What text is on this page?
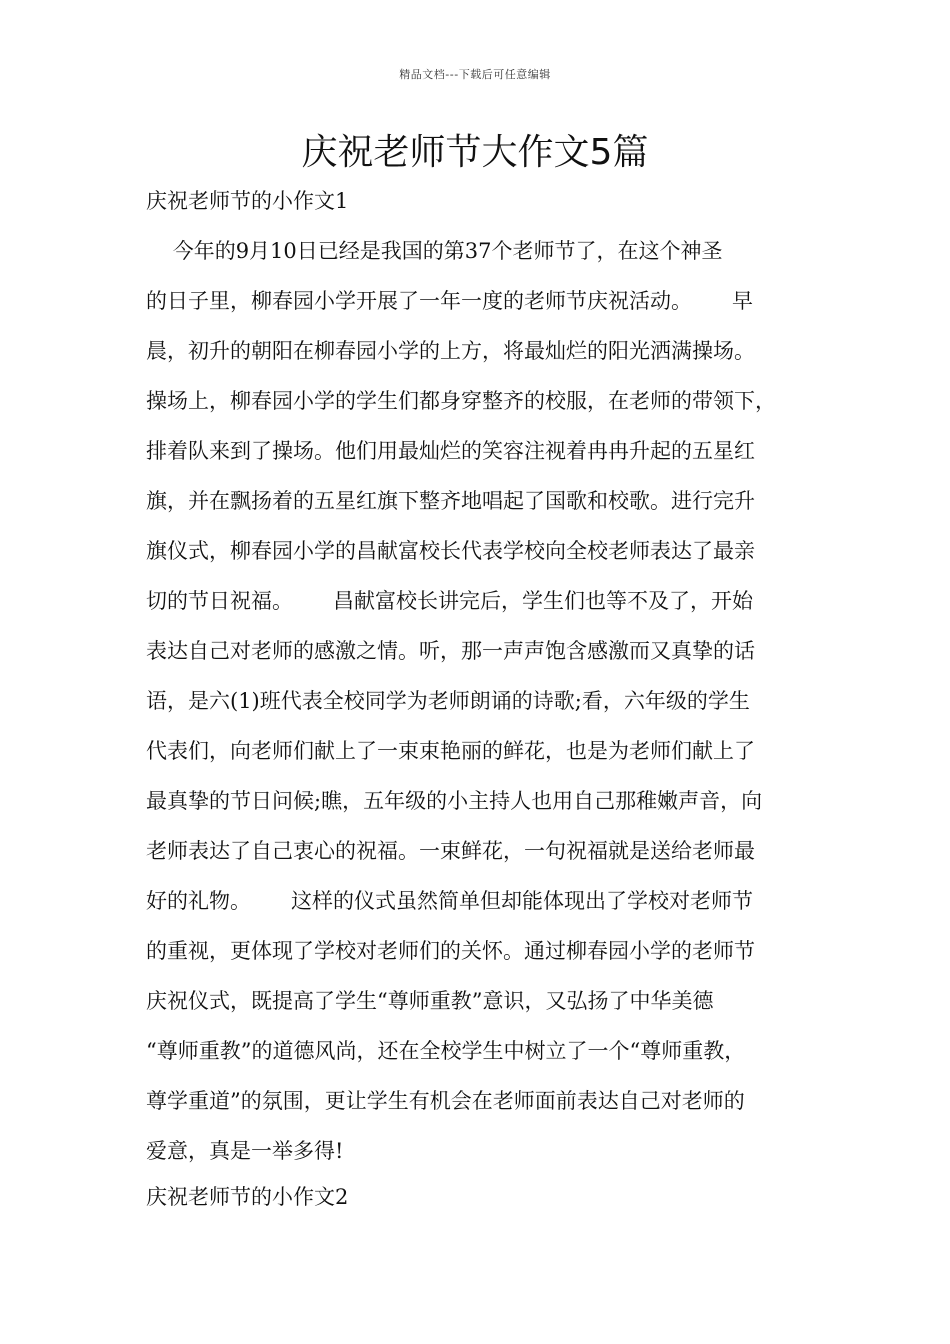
精品文档---下载后可任意编辑
庆祝老师节大作文5篇
庆祝老师节的小作文1
今年的9月10日已经是我国的第37个老师节了，在这个神圣
的日子里，柳春园小学开展了一年一度的老师节庆祝活动。      早
晨，初升的朝阳在柳春园小学的上方，将最灿烂的阳光洒满操场。
操场上，柳春园小学的学生们都身穿整齐的校服，在老师的带领下，
排着队来到了操场。他们用最灿烂的笑容注视着冉冉升起的五星红
旗，并在飘扬着的五星红旗下整齐地唱起了国歌和校歌。进行完升
旗仪式，柳春园小学的昌献富校长代表学校向全校老师表达了最亲
切的节日祝福。      昌献富校长讲完后，学生们也等不及了，开始
表达自己对老师的感激之情。听，那一声声饱含感激而又真挚的话
语，是六(1)班代表全校同学为老师朗诵的诗歌;看，六年级的学生
代表们，向老师们献上了一束束艳丽的鲜花，也是为老师们献上了
最真挚的节日问候;瞧，五年级的小主持人也用自己那稚嫩声音，向
老师表达了自己衷心的祝福。一束鲜花，一句祝福就是送给老师最
好的礼物。      这样的仪式虽然简单但却能体现出了学校对老师节
的重视，更体现了学校对老师们的关怀。通过柳春园小学的老师节
庆祝仪式，既提高了学生“尊师重教”意识，又弘扬了中华美德
“尊师重教”的道德风尚，还在全校学生中树立了一个“尊师重教，
尊学重道”的氛围，更让学生有机会在老师面前表达自己对老师的
爱意，真是一举多得!
庆祝老师节的小作文2
